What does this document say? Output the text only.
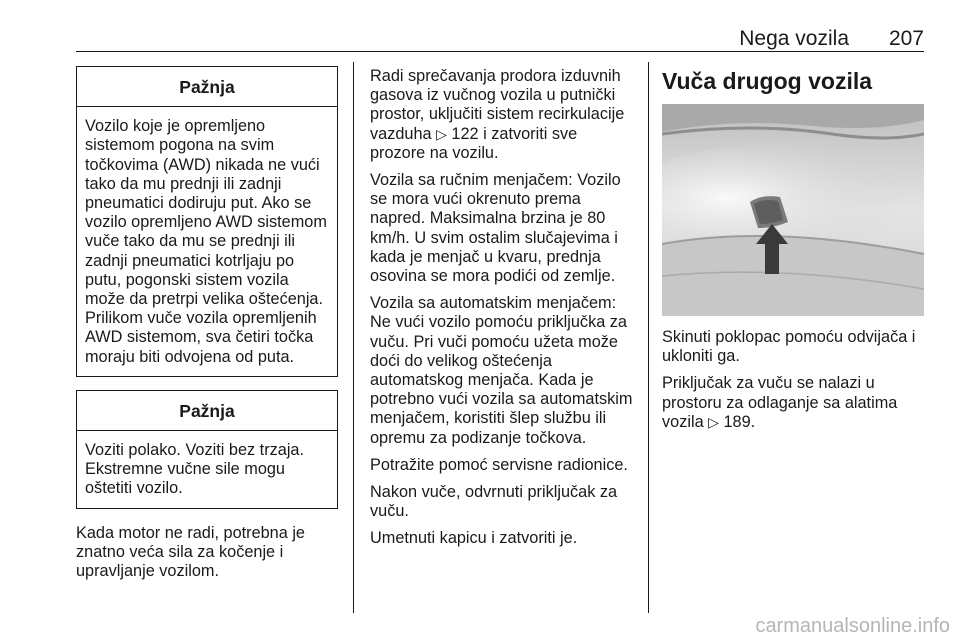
Nega vozila 207
Pažnja
Vozilo koje je opremljeno sistemom pogona na svim točkovima (AWD) nikada ne vući tako da mu prednji ili zadnji pneumatici dodiruju put. Ako se vozilo opremljeno AWD sistemom vuče tako da mu se prednji ili zadnji pneumatici kotrljaju po putu, pogonski sistem vozila može da pretrpi velika oštećenja. Prilikom vuče vozila opremljenih AWD sistemom, sva četiri točka moraju biti odvojena od puta.
Pažnja
Voziti polako. Voziti bez trzaja. Ekstremne vučne sile mogu oštetiti vozilo.

Kada motor ne radi, potrebna je znatno veća sila za kočenje i upravljanje vozilom.

Radi sprečavanja prodora izduvnih gasova iz vučnog vozila u putnički prostor, uključiti sistem recirkulacije vazduha ▷ 122 i zatvoriti sve prozore na vozilu.

Vozila sa ručnim menjačem: Vozilo se mora vući okrenuto prema napred. Maksimalna brzina je 80 km/h. U svim ostalim slučajevima i kada je menjač u kvaru, prednja osovina se mora podići od zemlje.

Vozila sa automatskim menjačem: Ne vući vozilo pomoću priključka za vuču. Pri vuči pomoću užeta može doći do velikog oštećenja automatskog menjača. Kada je potrebno vući vozila sa automatskim menjačem, koristiti šlep službu ili opremu za podizanje točkova.

Potražite pomoć servisne radionice.

Nakon vuče, odvrnuti priključak za vuču.

Umetnuti kapicu i zatvoriti je.

Vuča drugog vozila

Skinuti poklopac pomoću odvijača i ukloniti ga.

Priključak za vuču se nalazi u prostoru za odlaganje sa alatima vozila ▷ 189.

carmanualsonline.info
